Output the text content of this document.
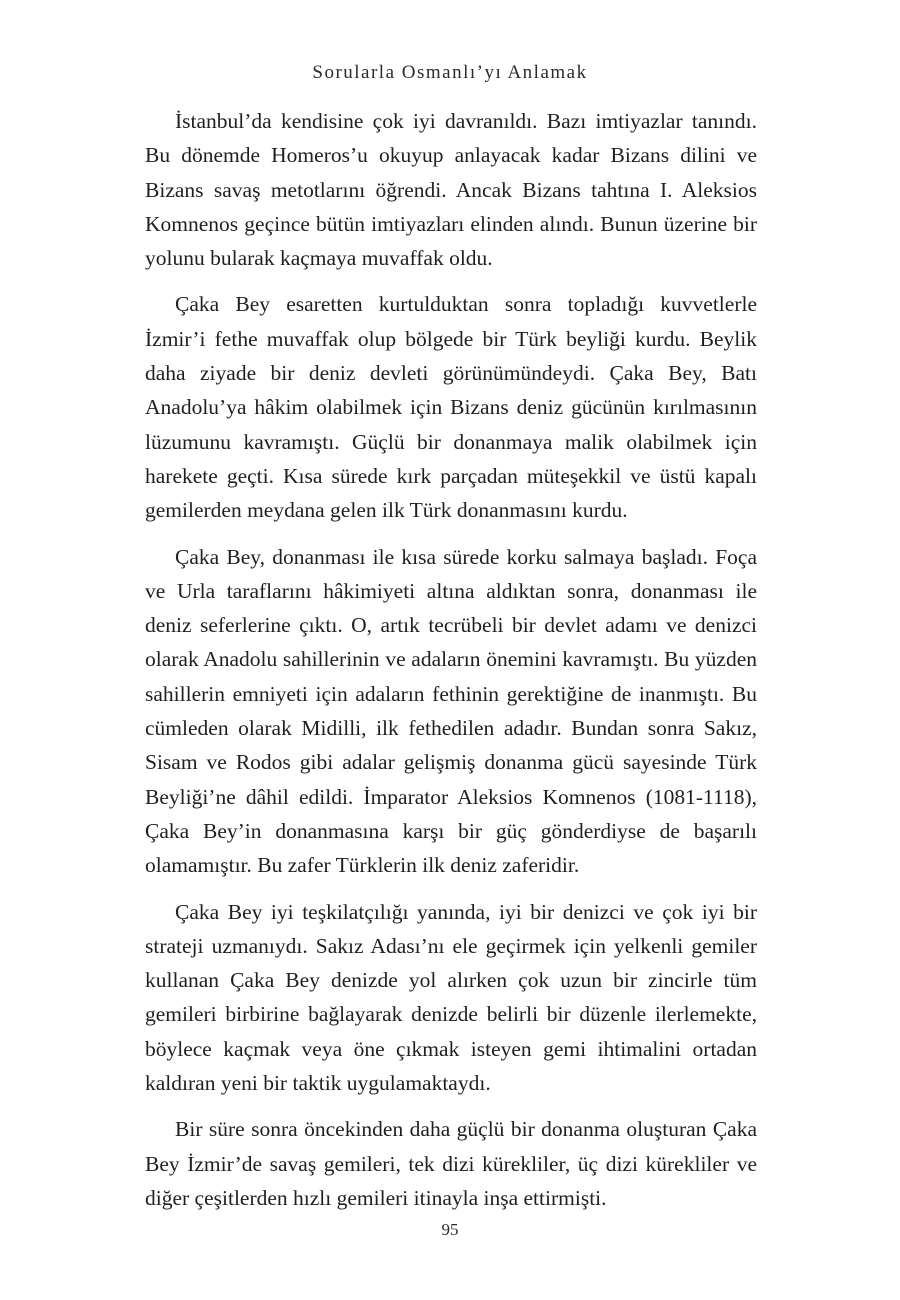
Sorularla Osmanlı’yı Anlamak

İstanbul’da kendisine çok iyi davranıldı. Bazı imtiyazlar tanındı. Bu dönemde Homeros’u okuyup anlayacak kadar Bizans dilini ve Bizans savaş metotlarını öğrendi. Ancak Bizans tahtına I. Aleksios Komnenos geçince bütün imtiyazları elinden alındı. Bunun üzerine bir yolunu bularak kaçmaya muvaffak oldu.

Çaka Bey esaretten kurtulduktan sonra topladığı kuvvetlerle İzmir’i fethe muvaffak olup bölgede bir Türk beyliği kurdu. Beylik daha ziyade bir deniz devleti görünümündeydi. Çaka Bey, Batı Anadolu’ya hâkim olabilmek için Bizans deniz gücünün kırılmasının lüzumunu kavramıştı. Güçlü bir donanmaya malik olabilmek için harekete geçti. Kısa sürede kırk parçadan müteşekkil ve üstü kapalı gemilerden meydana gelen ilk Türk donanmasını kurdu.

Çaka Bey, donanması ile kısa sürede korku salmaya başladı. Foça ve Urla taraflarını hâkimiyeti altına aldıktan sonra, donanması ile deniz seferlerine çıktı. O, artık tecrübeli bir devlet adamı ve denizci olarak Anadolu sahillerinin ve adaların önemini kavramıştı. Bu yüzden sahillerin emniyeti için adaların fethinin gerektiğine de inanmıştı. Bu cümleden olarak Midilli, ilk fethedilen adadır. Bundan sonra Sakız, Sisam ve Rodos gibi adalar gelişmiş donanma gücü sayesinde Türk Beyliği’ne dâhil edildi. İmparator Aleksios Komnenos (1081-1118), Çaka Bey’in donanmasına karşı bir güç gönderdiyse de başarılı olamamıştır. Bu zafer Türklerin ilk deniz zaferidir.

Çaka Bey iyi teşkilatçılığı yanında, iyi bir denizci ve çok iyi bir strateji uzmanıydı. Sakız Adası’nı ele geçirmek için yelkenli gemiler kullanan Çaka Bey denizde yol alırken çok uzun bir zincirle tüm gemileri birbirine bağlayarak denizde belirli bir düzenle ilerlemekte, böylece kaçmak veya öne çıkmak isteyen gemi ihtimalini ortadan kaldıran yeni bir taktik uygulamaktaydı.

Bir süre sonra öncekinden daha güçlü bir donanma oluşturan Çaka Bey İzmir’de savaş gemileri, tek dizi kürekliler, üç dizi kürekliler ve diğer çeşitlerden hızlı gemileri itinayla inşa ettirmişti.

95
